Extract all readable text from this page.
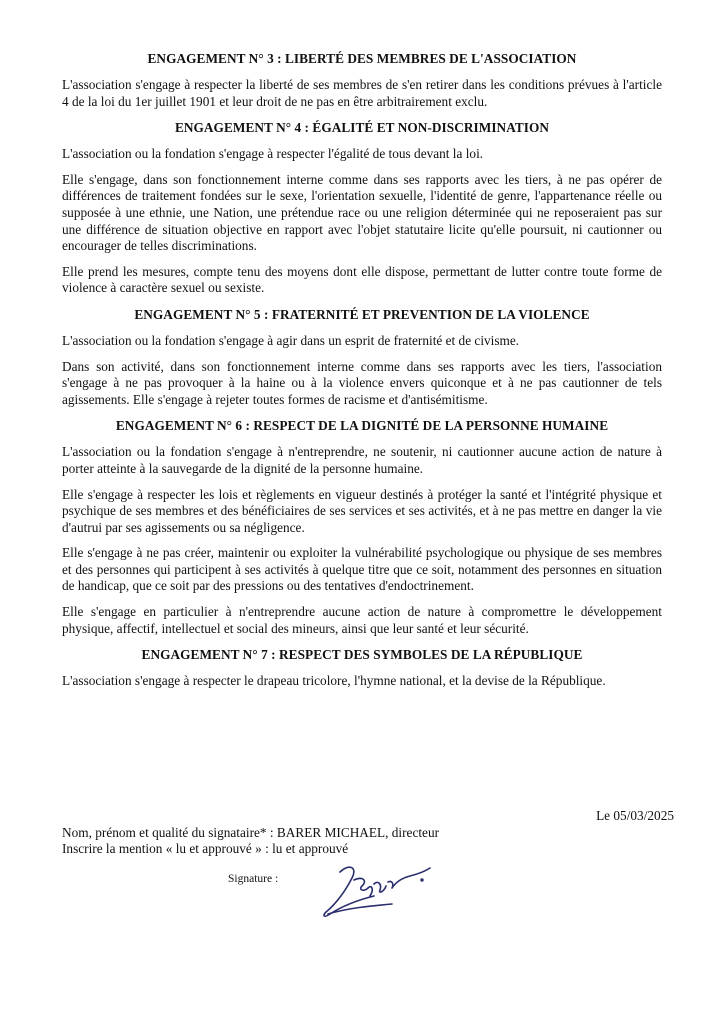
ENGAGEMENT N° 3 : LIBERTÉ DES MEMBRES DE L'ASSOCIATION

L'association s'engage à respecter la liberté de ses membres de s'en retirer dans les conditions prévues à l'article 4 de la loi du 1er juillet 1901 et leur droit de ne pas en être arbitrairement exclu.

ENGAGEMENT N° 4 : ÉGALITÉ ET NON-DISCRIMINATION

L'association ou la fondation s'engage à respecter l'égalité de tous devant la loi.

Elle s'engage, dans son fonctionnement interne comme dans ses rapports avec les tiers, à ne pas opérer de différences de traitement fondées sur le sexe, l'orientation sexuelle, l'identité de genre, l'appartenance réelle ou supposée à une ethnie, une Nation, une prétendue race ou une religion déterminée qui ne reposeraient pas sur une différence de situation objective en rapport avec l'objet statutaire licite qu'elle poursuit, ni cautionner ou encourager de telles discriminations.

Elle prend les mesures, compte tenu des moyens dont elle dispose, permettant de lutter contre toute forme de violence à caractère sexuel ou sexiste.

ENGAGEMENT N° 5 : FRATERNITÉ ET PREVENTION DE LA VIOLENCE

L'association ou la fondation s'engage à agir dans un esprit de fraternité et de civisme.

Dans son activité, dans son fonctionnement interne comme dans ses rapports avec les tiers, l'association s'engage à ne pas provoquer à la haine ou à la violence envers quiconque et à ne pas cautionner de tels agissements. Elle s'engage à rejeter toutes formes de racisme et d'antisémitisme.

ENGAGEMENT N° 6 : RESPECT DE LA DIGNITÉ DE LA PERSONNE HUMAINE

L'association ou la fondation s'engage à n'entreprendre, ne soutenir, ni cautionner aucune action de nature à porter atteinte à la sauvegarde de la dignité de la personne humaine.

Elle s'engage à respecter les lois et règlements en vigueur destinés à protéger la santé et l'intégrité physique et psychique de ses membres et des bénéficiaires de ses services et ses activités, et à ne pas mettre en danger la vie d'autrui par ses agissements ou sa négligence.

Elle s'engage à ne pas créer, maintenir ou exploiter la vulnérabilité psychologique ou physique de ses membres et des personnes qui participent à ses activités à quelque titre que ce soit, notamment des personnes en situation de handicap, que ce soit par des pressions ou des tentatives d'endoctrinement.

Elle s'engage en particulier à n'entreprendre aucune action de nature à compromettre le développement physique, affectif, intellectuel et social des mineurs, ainsi que leur santé et leur sécurité.

ENGAGEMENT N° 7 : RESPECT DES SYMBOLES DE LA RÉPUBLIQUE

L'association s'engage à respecter le drapeau tricolore, l'hymne national, et la devise de la République.

Le 05/03/2025
Nom, prénom et qualité du signataire* : BARER MICHAEL, directeur
Inscrire la mention « lu et approuvé » : lu et approuvé
Signature :
